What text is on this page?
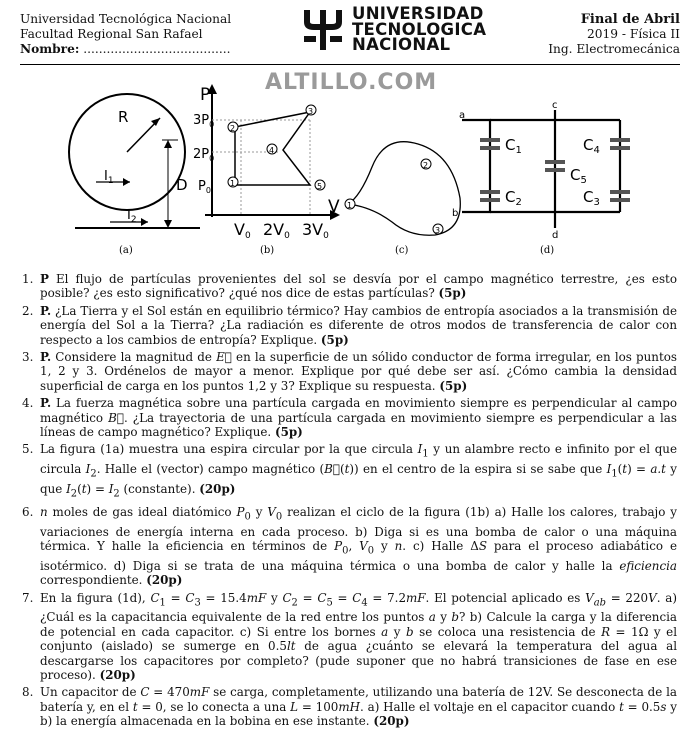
Universidad Tecnológica Nacional
Facultad Regional San Rafael
Nombre: ......................................
UNIVERSIDAD
TECNOLOGICA
NACIONAL
Final de Abril
2019 - Física II
Ing. Electromecánica
ALTILLO.COM
R
$I_1$	D
$I_2$
(a)
P
V
$3P_0$
$2P_0$
$P_0$
V0 2V0 3V0
1
2
3
4
5
(b)
1
2
3
(c)
a
b
c
d
$C_1$
$C_2$
$C_5$
$C_4$
$C_3$
(d)
1. P El flujo de partículas provenientes del sol se desvía por el campo magnético terrestre, ¿es esto posible? ¿es esto significativo? ¿qué nos dice de estas partículas? (5p)
2. P. ¿La Tierra y el Sol están en equilibrio térmico? Hay cambios de entropía asociados a la transmisión de energía del Sol a la Tierra? ¿La radiación es diferente de otros modos de transferencia de calor con respecto a los cambios de entropía? Explique. (5p)
3. P. Considere la magnitud de E⃗ en la superficie de un sólido conductor de forma irregular, en los puntos 1, 2 y 3. Ordénelos de mayor a menor. Explique por qué debe ser así. ¿Cómo cambia la densidad superficial de carga en los puntos 1,2 y 3? Explique su respuesta. (5p)
4. P. La fuerza magnética sobre una partícula cargada en movimiento siempre es perpendicular al campo magnético B⃗. ¿La trayectoria de una partícula cargada en movimiento siempre es perpendicular a las líneas de campo magnético? Explique. (5p)
5. La figura (1a) muestra una espira circular por la que circula $I_1$ y un alambre recto e infinito por el que circula $I_2$. Halle el (vector) campo magnético (B⃗(t)) en el centro de la espira si se sabe que $I_1(t) = a.t$ y que $I_2(t) = I_2$ (constante). (20p)
6. n moles de gas ideal diatómico $P_0$ y $V_0$ realizan el ciclo de la figura (1b) a) Halle los calores, trabajo y variaciones de energía interna en cada proceso. b) Diga si es una bomba de calor o una máquina térmica. Y halle la eficiencia en términos de $P_0$, $V_0$ y n. c) Halle ΔS para el proceso adiabático e isotérmico. d) Diga si se trata de una máquina térmica o una bomba de calor y halle la eficiencia correspondiente. (20p)
7. En la figura (1d), $C_1 = C_3 = 15.4mF$ y $C_2 = C_5 = C_4 = 7.2mF$. El potencial aplicado es $V_{ab} = 220V$. a) ¿Cuál es la capacitancia equivalente de la red entre los puntos a y b? b) Calcule la carga y la diferencia de potencial en cada capacitor. c) Si entre los bornes a y b se coloca una resistencia de R = 1Ω y el conjunto (aislado) se sumerge en 0.5lt de agua ¿cuánto se elevará la temperatura del agua al descargarse los capacitores por completo? (pude suponer que no habrá transiciones de fase en ese proceso). (20p)
8. Un capacitor de C = 470mF se carga, completamente, utilizando una batería de 12V. Se desconecta de la batería y, en el t = 0, se lo conecta a una L = 100mH. a) Halle el voltaje en el capacitor cuando t = 0.5s y b) la energía almacenada en la bobina en ese instante. (20p)
